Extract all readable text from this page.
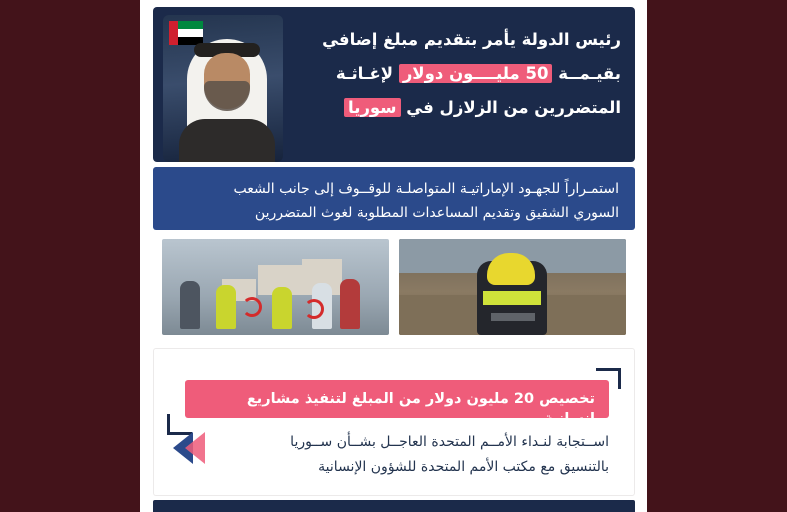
رئيس الدولة يأمر بتقديم مبلغ إضافي
بقيـمــة 50 مليــــون دولار لإغـاثـة
المتضررين من الزلازل في سوريا
استمـراراً للجهـود الإماراتيـة المتواصلـة للوقــوف إلى جانب الشعب
السوري الشقيق وتقديم المساعدات المطلوبة لغوث المتضررين
تخصيص 20 مليون دولار من المبلغ لتنفيذ مشاريع إنسانية
اســتجابة لنـداء الأمــم المتحدة العاجــل بشــأن ســوريا
بالتنسيق مع مكتب الأمم المتحدة للشؤون الإنسانية
